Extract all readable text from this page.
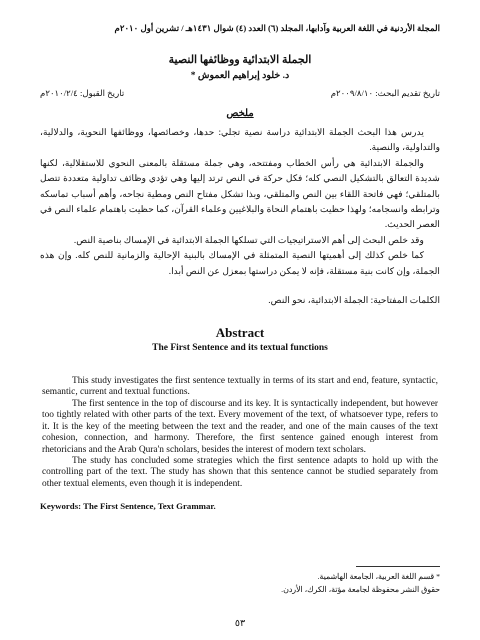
المجلة الأردنية في اللغة العربية وآدابها، المجلد (٦) العدد (٤) شوال ١٤٣١هـ / تشرين أول ٢٠١٠م
الجملة الابتدائية ووظائفها النصية
د. خلود إبراهيم العموش *
تاريخ تقديم البحث: ٢٠٠٩/٨/١٠م
تاريخ القبول: ٢٠١٠/٢/٤م
ملخص

يدرس هذا البحث الجملة الابتدائية دراسة نصية تجلي: حدها، وخصائصها، ووظائفها النحوية، والدلالية، والتداولية، والنصية.

والجملة الابتدائية هي رأس الخطاب ومفتتحه، وهي جملة مستقلة بالمعنى النحوي للاستقلالية، لكنها شديدة التعالق بالتشكيل النصي كله؛ فكل حركة في النص ترتد إليها وهي تؤدي وظائف تداولية متعددة تتصل بالمتلقي؛ فهي فاتحة اللقاء بين النص والمتلقي، وبذا تشكل مفتاح النص ومطية نجاحه، وأهم أسباب تماسكه وترابطه وانسجامه؛ ولهذا حظيت باهتمام النحاة والبلاغيين وعلماء القرآن، كما حظيت باهتمام علماء النص في العصر الحديث.

وقد خلص البحث إلى أهم الاستراتيجيات التي تسلكها الجملة الابتدائية في الإمساك بناصية النص.

كما خلص كذلك إلى أهميتها النصية المتمثلة في الإمساك بالبنية الإحالية والزمانية للنص كله. وإن هذه الجملة، وإن كانت بنية مستقلة، فإنه لا يمكن دراستها بمعزل عن النص أبدا.

الكلمات المفتاحية: الجملة الابتدائية، نحو النص.
Abstract
The First Sentence and its textual functions

This study investigates the first sentence textually in terms of its start and end, feature, syntactic, semantic, current and textual functions.

The first sentence in the top of discourse and its key. It is syntactically independent, but however too tightly related with other parts of the text. Every movement of the text, of whatsoever type, refers to it. It is the key of the meeting between the text and the reader, and one of the main causes of the text cohesion, connection, and harmony. Therefore, the first sentence gained enough interest from rhetoricians and the Arab Qura'n scholars, besides the interest of modern text scholars.

The study has concluded some strategies which the first sentence adapts to hold up with the controlling part of the text. The study has shown that this sentence cannot be studied separately from other textual elements, even though it is independent.

Keywords: The First Sentence, Text Grammar.
* قسم اللغة العربية، الجامعة الهاشمية.
حقوق النشر محفوظة لجامعة مؤتة، الكرك، الأردن.
٥٣
